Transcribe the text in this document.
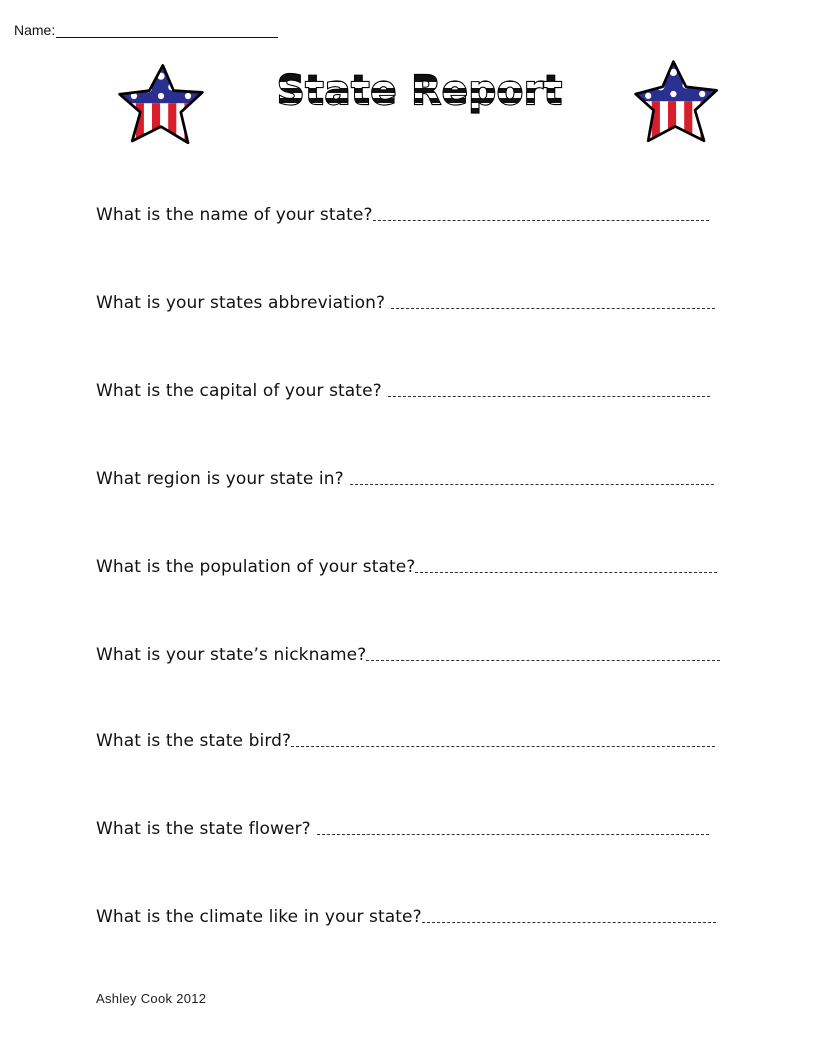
Name:
State Report
What is the name of your state?
What is your states abbreviation?
What is the capital of your state?
What region is your state in?
What is the population of your state?
What is your state’s nickname?
What is the state bird?
What is the state flower?
What is the climate like in your state?
Ashley Cook 2012
